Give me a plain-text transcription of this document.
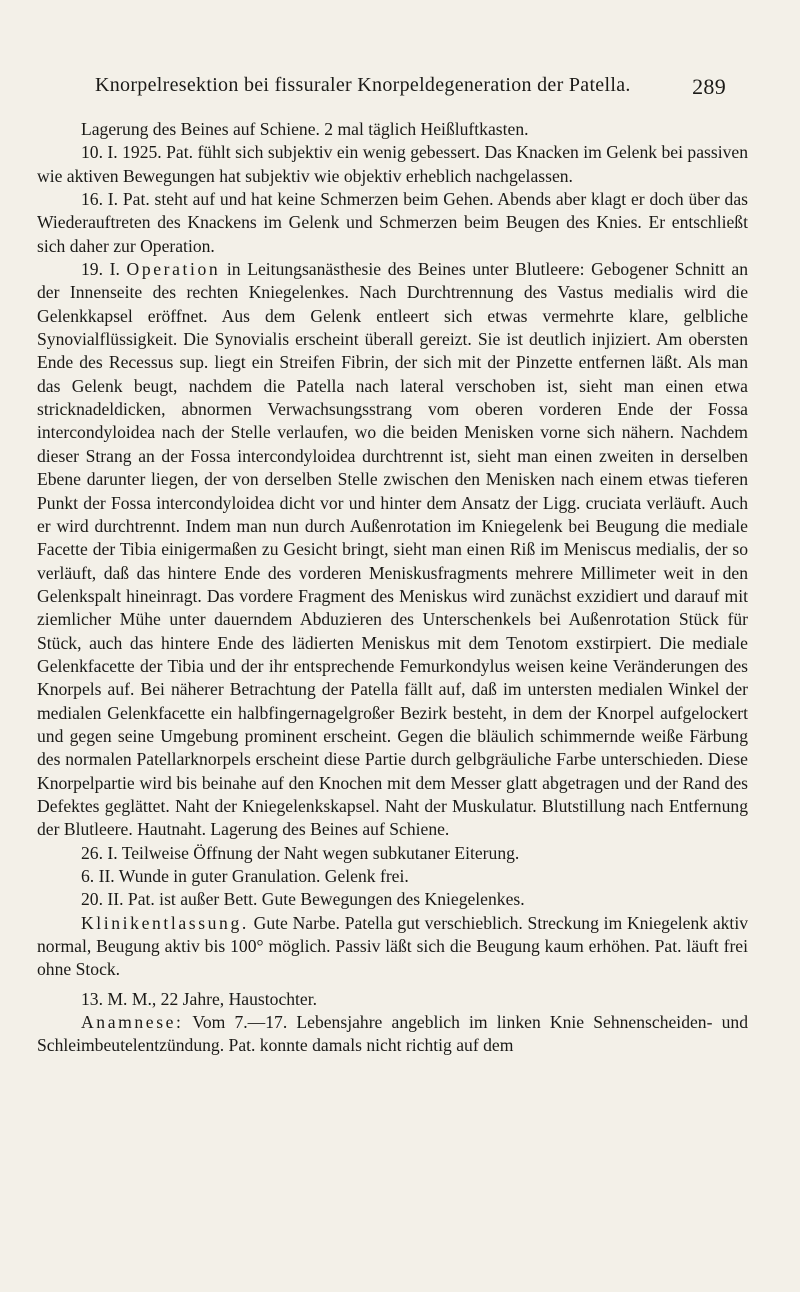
Knorpelresektion bei fissuraler Knorpeldegeneration der Patella.	289

Lagerung des Beines auf Schiene. 2 mal täglich Heißluftkasten.

10. I. 1925. Pat. fühlt sich subjektiv ein wenig gebessert. Das Knacken im Gelenk bei passiven wie aktiven Bewegungen hat subjektiv wie objektiv erheblich nachgelassen.

16. I. Pat. steht auf und hat keine Schmerzen beim Gehen. Abends aber klagt er doch über das Wiederauftreten des Knackens im Gelenk und Schmerzen beim Beugen des Knies. Er entschließt sich daher zur Operation.

19. I. Operation in Leitungsanästhesie des Beines unter Blutleere: Gebogener Schnitt an der Innenseite des rechten Kniegelenkes. Nach Durchtrennung des Vastus medialis wird die Gelenkkapsel eröffnet. Aus dem Gelenk entleert sich etwas vermehrte klare, gelbliche Synovialflüssigkeit. Die Synovialis erscheint überall gereizt. Sie ist deutlich injiziert. Am obersten Ende des Recessus sup. liegt ein Streifen Fibrin, der sich mit der Pinzette entfernen läßt. Als man das Gelenk beugt, nachdem die Patella nach lateral verschoben ist, sieht man einen etwa stricknadeldicken, abnormen Verwachsungsstrang vom oberen vorderen Ende der Fossa intercondyloidea nach der Stelle verlaufen, wo die beiden Menisken vorne sich nähern. Nachdem dieser Strang an der Fossa intercondyloidea durchtrennt ist, sieht man einen zweiten in derselben Ebene darunter liegen, der von derselben Stelle zwischen den Menisken nach einem etwas tieferen Punkt der Fossa intercondyloidea dicht vor und hinter dem Ansatz der Ligg. cruciata verläuft. Auch er wird durchtrennt. Indem man nun durch Außenrotation im Kniegelenk bei Beugung die mediale Facette der Tibia einigermaßen zu Gesicht bringt, sieht man einen Riß im Meniscus medialis, der so verläuft, daß das hintere Ende des vorderen Meniskusfragments mehrere Millimeter weit in den Gelenkspalt hineinragt. Das vordere Fragment des Meniskus wird zunächst exzidiert und darauf mit ziemlicher Mühe unter dauerndem Abduzieren des Unterschenkels bei Außenrotation Stück für Stück, auch das hintere Ende des lädierten Meniskus mit dem Tenotom exstirpiert. Die mediale Gelenkfacette der Tibia und der ihr entsprechende Femurkondylus weisen keine Veränderungen des Knorpels auf. Bei näherer Betrachtung der Patella fällt auf, daß im untersten medialen Winkel der medialen Gelenkfacette ein halbfingernagelgroßer Bezirk besteht, in dem der Knorpel aufgelockert und gegen seine Umgebung prominent erscheint. Gegen die bläulich schimmernde weiße Färbung des normalen Patellarknorpels erscheint diese Partie durch gelbgräuliche Farbe unterschieden. Diese Knorpelpartie wird bis beinahe auf den Knochen mit dem Messer glatt abgetragen und der Rand des Defektes geglättet. Naht der Kniegelenkskapsel. Naht der Muskulatur. Blutstillung nach Entfernung der Blutleere. Hautnaht. Lagerung des Beines auf Schiene.

26. I. Teilweise Öffnung der Naht wegen subkutaner Eiterung.

6. II. Wunde in guter Granulation. Gelenk frei.

20. II. Pat. ist außer Bett. Gute Bewegungen des Kniegelenkes.

Klinikentlassung. Gute Narbe. Patella gut verschieblich. Streckung im Kniegelenk aktiv normal, Beugung aktiv bis 100° möglich. Passiv läßt sich die Beugung kaum erhöhen. Pat. läuft frei ohne Stock.

13. M. M., 22 Jahre, Haustochter.

Anamnese: Vom 7.—17. Lebensjahre angeblich im linken Knie Sehnenscheiden- und Schleimbeutelentzündung. Pat. konnte damals nicht richtig auf dem
